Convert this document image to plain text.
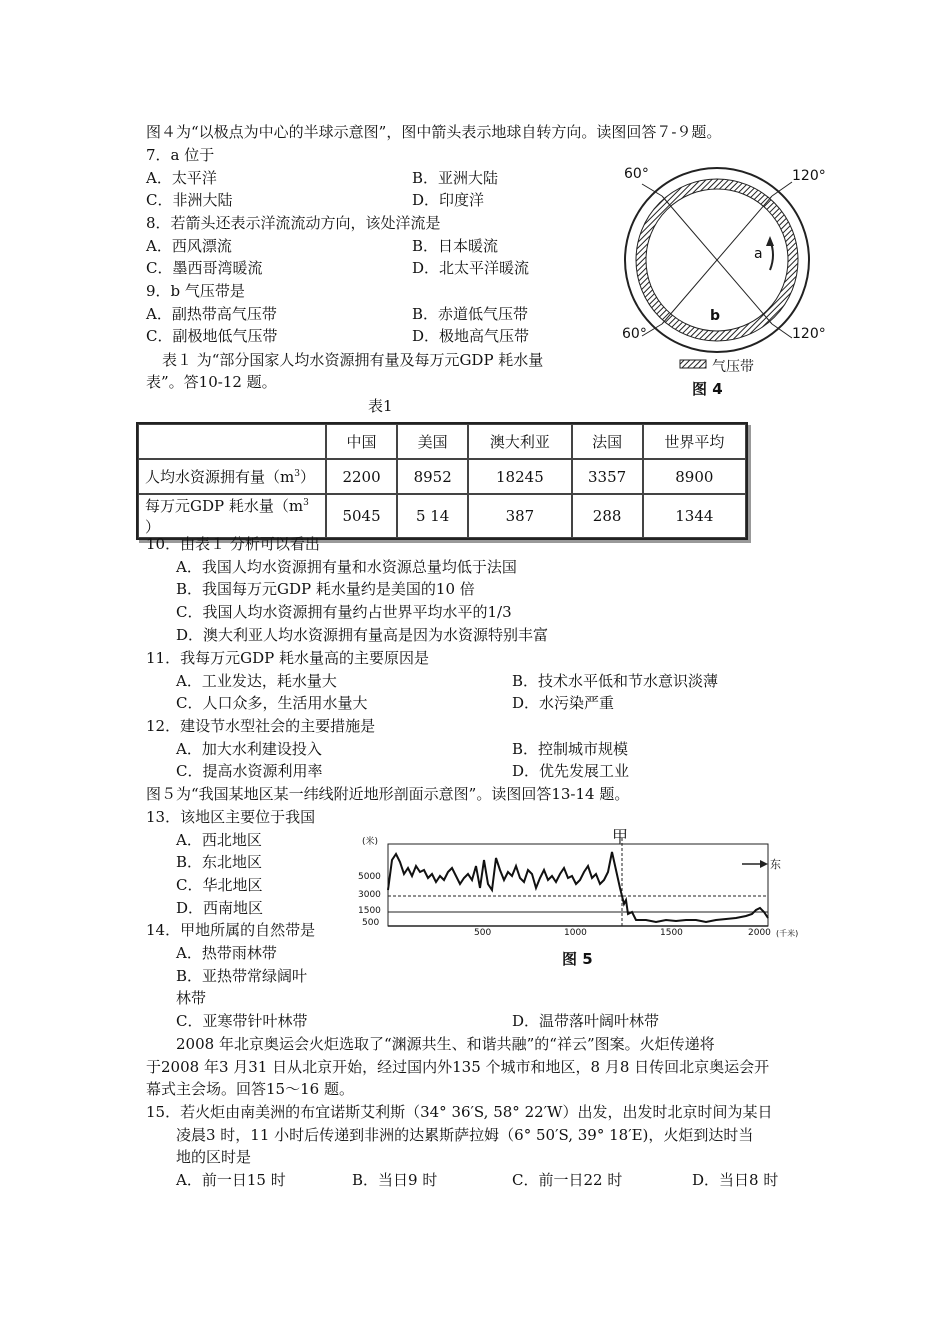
图４为“以极点为中心的半球示意图”，图中箭头表示地球自转方向。读图回答７-９题。
7．a 位于
A．太平洋	B．亚洲大陆
C．非洲大陆	D．印度洋
8．若箭头还表示洋流流动方向，该处洋流是
A．西风漂流	B．日本暖流
C．墨西哥湾暖流	D．北太平洋暖流
9．b 气压带是
A．副热带高气压带	B．赤道低气压带
C．副极地低气压带	D．极地高气压带
表１ 为“部分国家人均水资源拥有量及每万元GDP 耗水量
表”。答10-12 题。
60°	120°
60°	120°
a
b
气压带
图 4
表1
	中国	美国	澳大利亚	法国	世界平均
人均水资源拥有量$(m^3)$	2200	8952	18245	3357	8900
每万元GDP 耗水量（$m^3$ ）	5045	5 14	387	288	1344
10．由表１ 分析可以看出
A．我国人均水资源拥有量和水资源总量均低于法国
B．我国每万元GDP 耗水量约是美国的10 倍
C．我国人均水资源拥有量约占世界平均水平的1/3
D．澳大利亚人均水资源拥有量高是因为水资源特别丰富
11．我每万元GDP 耗水量高的主要原因是
A．工业发达，耗水量大	B．技术水平低和节水意识淡薄
C．人口众多，生活用水量大	D．水污染严重
12．建设节水型社会的主要措施是
A．加大水利建设投入	B．控制城市规模
C．提高水资源利用率	D．优先发展工业
图５为“我国某地区某一纬线附近地形剖面示意图”。读图回答13-14 题。
13．该地区主要位于我国
A．西北地区
B．东北地区
C．华北地区
D．西南地区
14．甲地所属的自然带是
A．热带雨林带
B．亚热带常绿阔叶
林带
C．亚寒带针叶林带	D．温带落叶阔叶林带
(米)
5000
3000
1500
500
500	1000	1500	2000 (千米)
甲
东
图 5
2008 年北京奥运会火炬选取了“渊源共生、和谐共融”的“祥云”图案。火炬传递将
于2008 年3 月31 日从北京开始，经过国内外135 个城市和地区，8 月8 日传回北京奥运会开
幕式主会场。回答15～16 题。
15．若火炬由南美洲的布宜诺斯艾利斯（34° 36′S, 58° 22′W）出发，出发时北京时间为某日
凌晨3 时，11 小时后传递到非洲的达累斯萨拉姆（6° 50′S, 39° 18′E)，火炬到达时当
地的区时是
A．前一日15 时	B．当日9 时	C．前一日22 时	D．当日8 时
